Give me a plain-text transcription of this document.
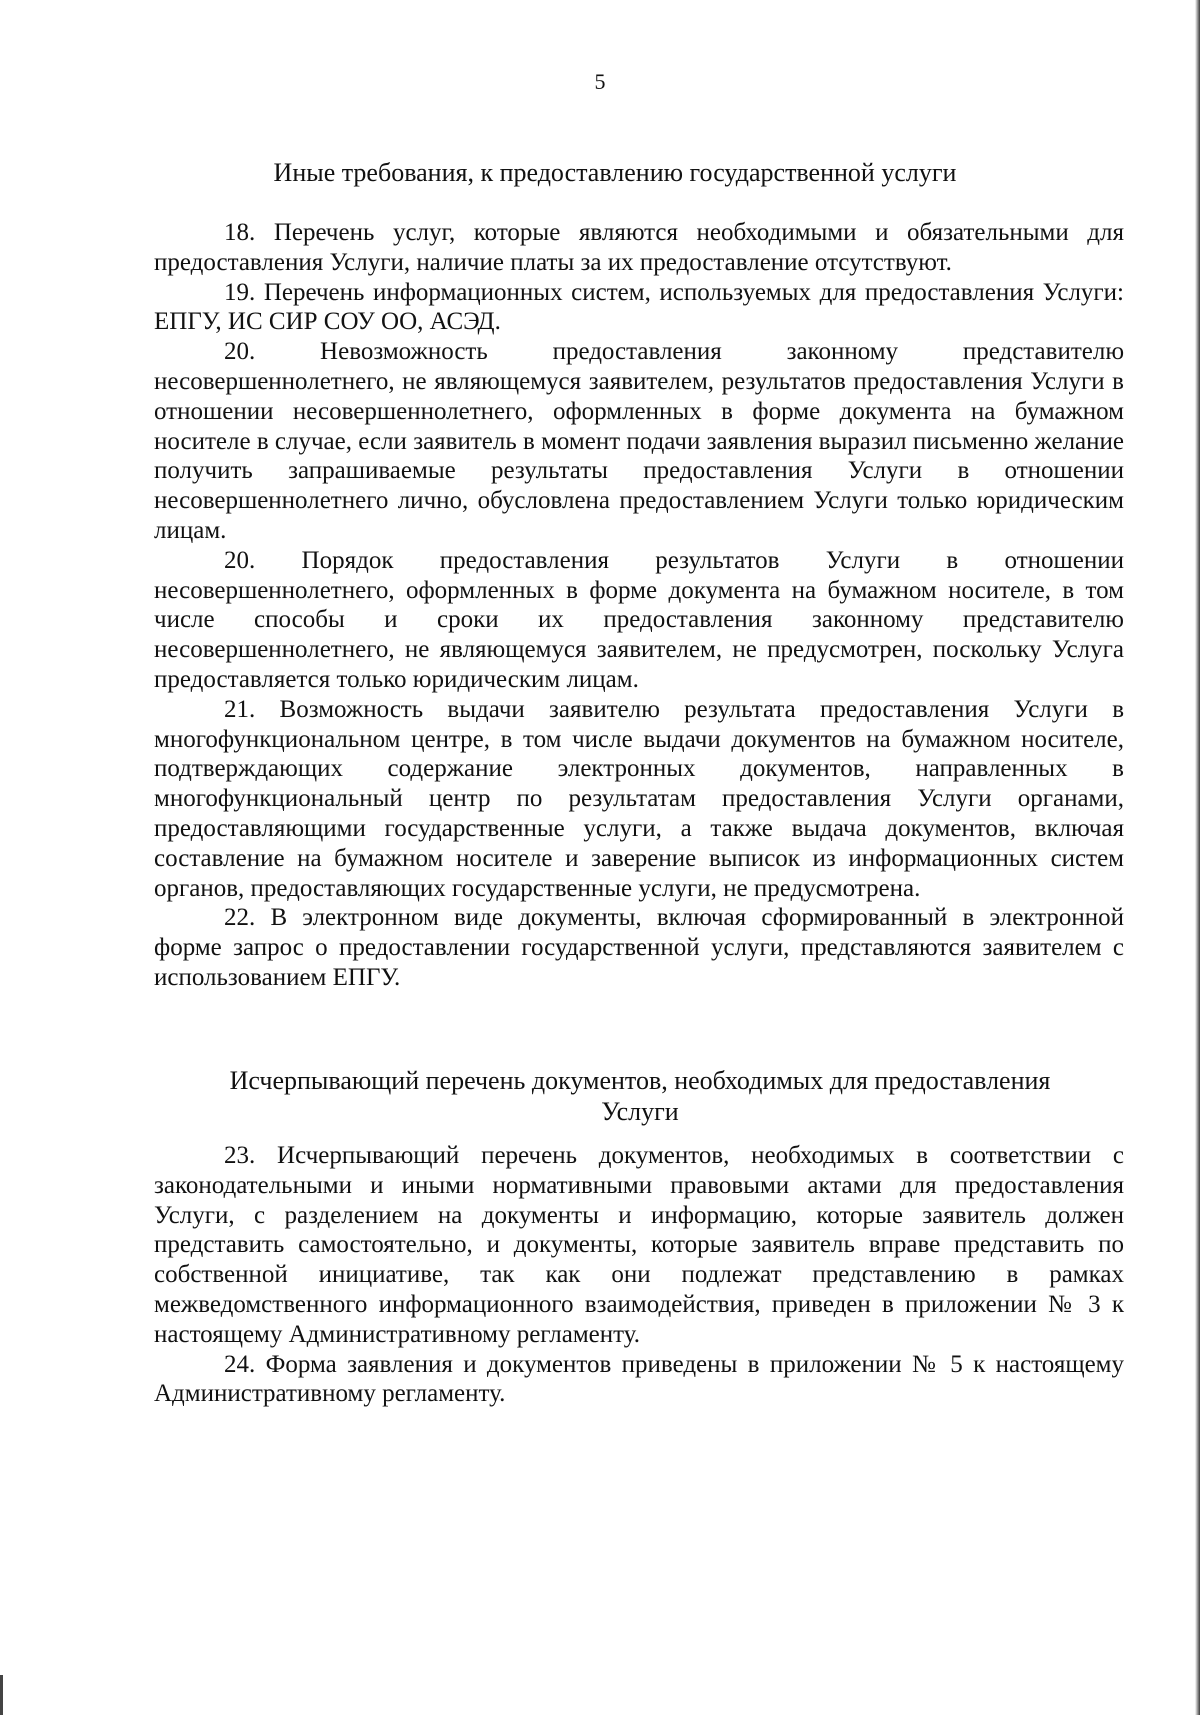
5
Иные требования, к предоставлению государственной услуги

18. Перечень услуг, которые являются необходимыми и обязательными для предоставления Услуги, наличие платы за их предоставление отсутствуют.

19. Перечень информационных систем, используемых для предоставления Услуги: ЕПГУ, ИС СИР СОУ ОО, АСЭД.

20. Невозможность предоставления законному представителю несовершеннолетнего, не являющемуся заявителем, результатов предоставления Услуги в отношении несовершеннолетнего, оформленных в форме документа на бумажном носителе в случае, если заявитель в момент подачи заявления выразил письменно желание получить запрашиваемые результаты предоставления Услуги в отношении несовершеннолетнего лично, обусловлена предоставлением Услуги только юридическим лицам.

20. Порядок предоставления результатов Услуги в отношении несовершеннолетнего, оформленных в форме документа на бумажном носителе, в том числе способы и сроки их предоставления законному представителю несовершеннолетнего, не являющемуся заявителем, не предусмотрен, поскольку Услуга предоставляется только юридическим лицам.

21. Возможность выдачи заявителю результата предоставления Услуги в многофункциональном центре, в том числе выдачи документов на бумажном носителе, подтверждающих содержание электронных документов, направленных в многофункциональный центр по результатам предоставления Услуги органами, предоставляющими государственные услуги, а также выдача документов, включая составление на бумажном носителе и заверение выписок из информационных систем органов, предоставляющих государственные услуги, не предусмотрена.

22. В электронном виде документы, включая сформированный в электронной форме запрос о предоставлении государственной услуги, представляются заявителем с использованием ЕПГУ.

Исчерпывающий перечень документов, необходимых для предоставления Услуги

23. Исчерпывающий перечень документов, необходимых в соответствии с законодательными и иными нормативными правовыми актами для предоставления Услуги, с разделением на документы и информацию, которые заявитель должен представить самостоятельно, и документы, которые заявитель вправе представить по собственной инициативе, так как они подлежат представлению в рамках межведомственного информационного взаимодействия, приведен в приложении № 3 к настоящему Административному регламенту.

24. Форма заявления и документов приведены в приложении № 5 к настоящему Административному регламенту.
